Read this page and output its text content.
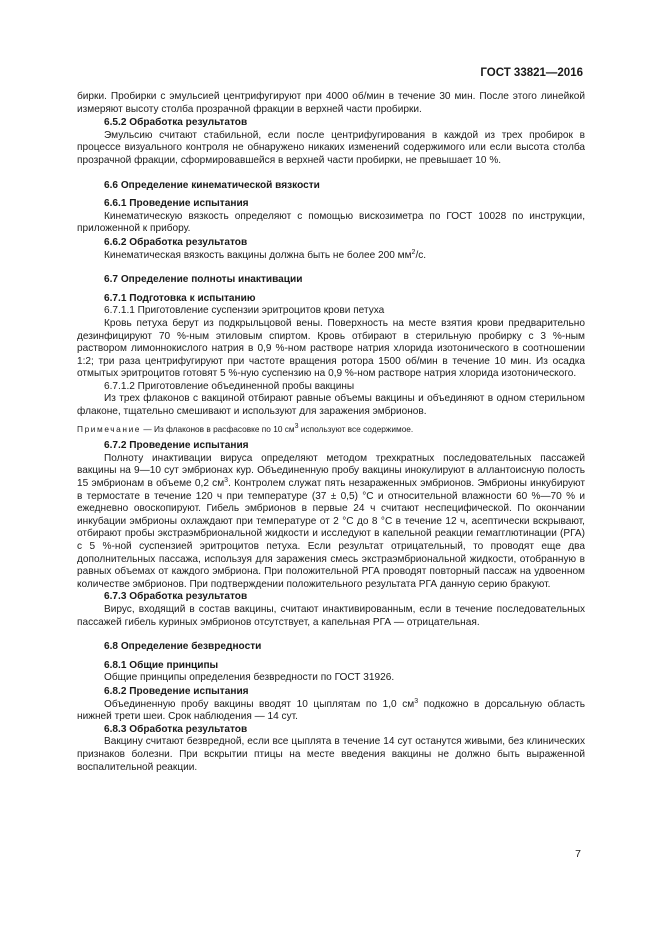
ГОСТ 33821—2016

бирки. Пробирки с эмульсией центрифугируют при 4000 об/мин в течение 30 мин. После этого линейкой измеряют высоту столба прозрачной фракции в верхней части пробирки.

6.5.2 Обработка результатов

Эмульсию считают стабильной, если после центрифугирования в каждой из трех пробирок в процессе визуального контроля не обнаружено никаких изменений содержимого или если высота столба прозрачной фракции, сформировавшейся в верхней части пробирки, не превышает 10 %.

6.6 Определение кинематической вязкости

6.6.1 Проведение испытания

Кинематическую вязкость определяют с помощью вискозиметра по ГОСТ 10028 по инструкции, приложенной к прибору.

6.6.2 Обработка результатов

Кинематическая вязкость вакцины должна быть не более 200 $мм^2/с$.

6.7 Определение полноты инактивации

6.7.1 Подготовка к испытанию

6.7.1.1 Приготовление суспензии эритроцитов крови петуха

Кровь петуха берут из подкрыльцовой вены. Поверхность на месте взятия крови предварительно дезинфицируют 70 %-ным этиловым спиртом. Кровь отбирают в стерильную пробирку с 3 %-ным раствором лимоннокислого натрия в 0,9 %-ном растворе натрия хлорида изотонического в соотношении 1:2; три раза центрифугируют при частоте вращения ротора 1500 об/мин в течение 10 мин. Из осадка отмытых эритроцитов готовят 5 %-ную суспензию на 0,9 %-ном растворе натрия хлорида изотонического.

6.7.1.2 Приготовление объединенной пробы вакцины

Из трех флаконов с вакциной отбирают равные объемы вакцины и объединяют в одном стерильном флаконе, тщательно смешивают и используют для заражения эмбрионов.

Примечание — Из флаконов в расфасовке по 10 $см^3$ используют все содержимое.

6.7.2 Проведение испытания

Полноту инактивации вируса определяют методом трехкратных последовательных пассажей вакцины на 9—10 сут эмбрионах кур. Объединенную пробу вакцины инокулируют в аллантоисную полость 15 эмбрионам в объеме 0,2 $см^3$. Контролем служат пять незараженных эмбрионов. Эмбрионы инкубируют в термостате в течение 120 ч при температуре (37 ± 0,5) °С и относительной влажности 60 %—70 % и ежедневно овоскопируют. Гибель эмбрионов в первые 24 ч считают неспецифической. По окончании инкубации эмбрионы охлаждают при температуре от 2 °С до 8 °С в течение 12 ч, асептически вскрывают, отбирают пробы экстраэмбриональной жидкости и исследуют в капельной реакции гемагглютинации (РГА) с 5 %-ной суспензией эритроцитов петуха. Если результат отрицательный, то проводят еще два дополнительных пассажа, используя для заражения смесь экстраэмбриональной жидкости, отобранную в равных объемах от каждого эмбриона. При положительной РГА проводят повторный пассаж на удвоенном количестве эмбрионов. При подтверждении положительного результата РГА данную серию бракуют.

6.7.3 Обработка результатов

Вирус, входящий в состав вакцины, считают инактивированным, если в течение последовательных пассажей гибель куриных эмбрионов отсутствует, а капельная РГА — отрицательная.

6.8 Определение безвредности

6.8.1 Общие принципы

Общие принципы определения безвредности по ГОСТ 31926.

6.8.2 Проведение испытания

Объединенную пробу вакцины вводят 10 цыплятам по 1,0 $см^3$ подкожно в дорсальную область нижней трети шеи. Срок наблюдения — 14 сут.

6.8.3 Обработка результатов

Вакцину считают безвредной, если все цыплята в течение 14 сут останутся живыми, без клинических признаков болезни. При вскрытии птицы на месте введения вакцины не должно быть выраженной воспалительной реакции.

7
